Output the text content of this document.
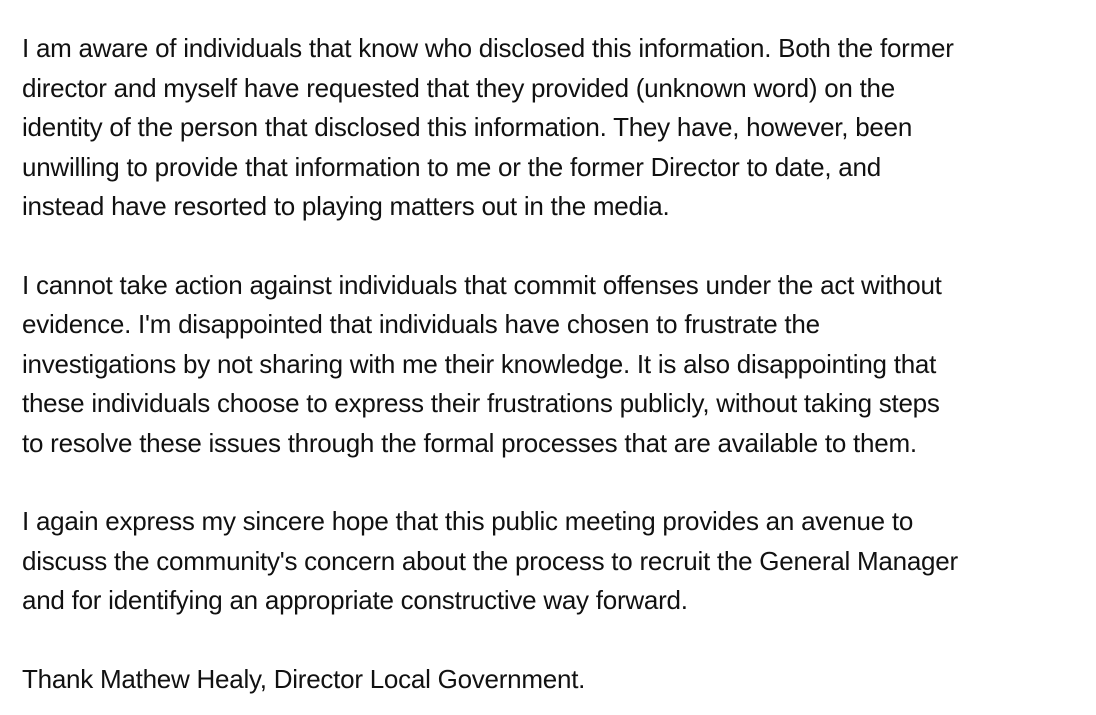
I am aware of individuals that know who disclosed this information. Both the former
director and myself have requested that they provided (unknown word) on the
identity of the person that disclosed this information. They have, however, been
unwilling to provide that information to me or the former Director to date, and
instead have resorted to playing matters out in the media.

I cannot take action against individuals that commit offenses under the act without
evidence. I'm disappointed that individuals have chosen to frustrate the
investigations by not sharing with me their knowledge. It is also disappointing that
these individuals choose to express their frustrations publicly, without taking steps
to resolve these issues through the formal processes that are available to them.

I again express my sincere hope that this public meeting provides an avenue to
discuss the community's concern about the process to recruit the General Manager
and for identifying an appropriate constructive way forward.

Thank Mathew Healy, Director Local Government.
